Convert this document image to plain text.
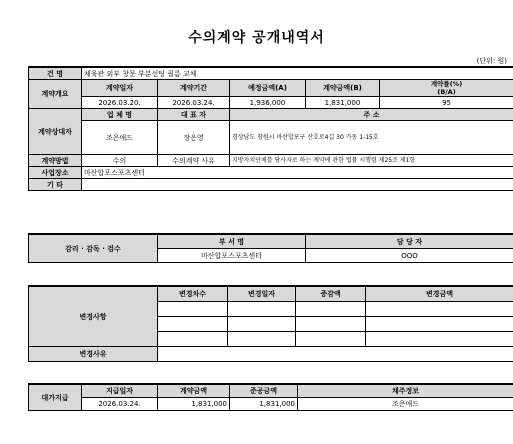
수의계약 공개내역서
(단위: 원)
건 명	체육관 외부 창문 부분선팅 필름 교체				
계약개요	계약일자	계약기간	예정금액(A)	계약금액(B)	계약률(%)
(B/A)
	2026.03.20.	2026.03.24.	1,936,000	1,831,000	95
계약상대자	업 체 명	대 표 자	주 소		
	조은애드	장은영	경상남도 창원시 마산합포구 산호로4길 30 가동 1-15호		
계약방법	수의	수의계약 사유	지방자치단체를 당사자로 하는 계약에 관한 법률 시행령 제25조 제1항		
사업장소	마산합포스포츠센터				
기 타					
감리 · 감독 · 검수	부 서 명	담 당 자
	마산합포스포츠센터	OOO
변경사항	변경차수	변경일자	증감액	변경금액

변경사유				
대가지급	지급일자	계약금액	준공금액	채주정보
	2026.03.24.	1,831,000	1,831,000	조은애드
